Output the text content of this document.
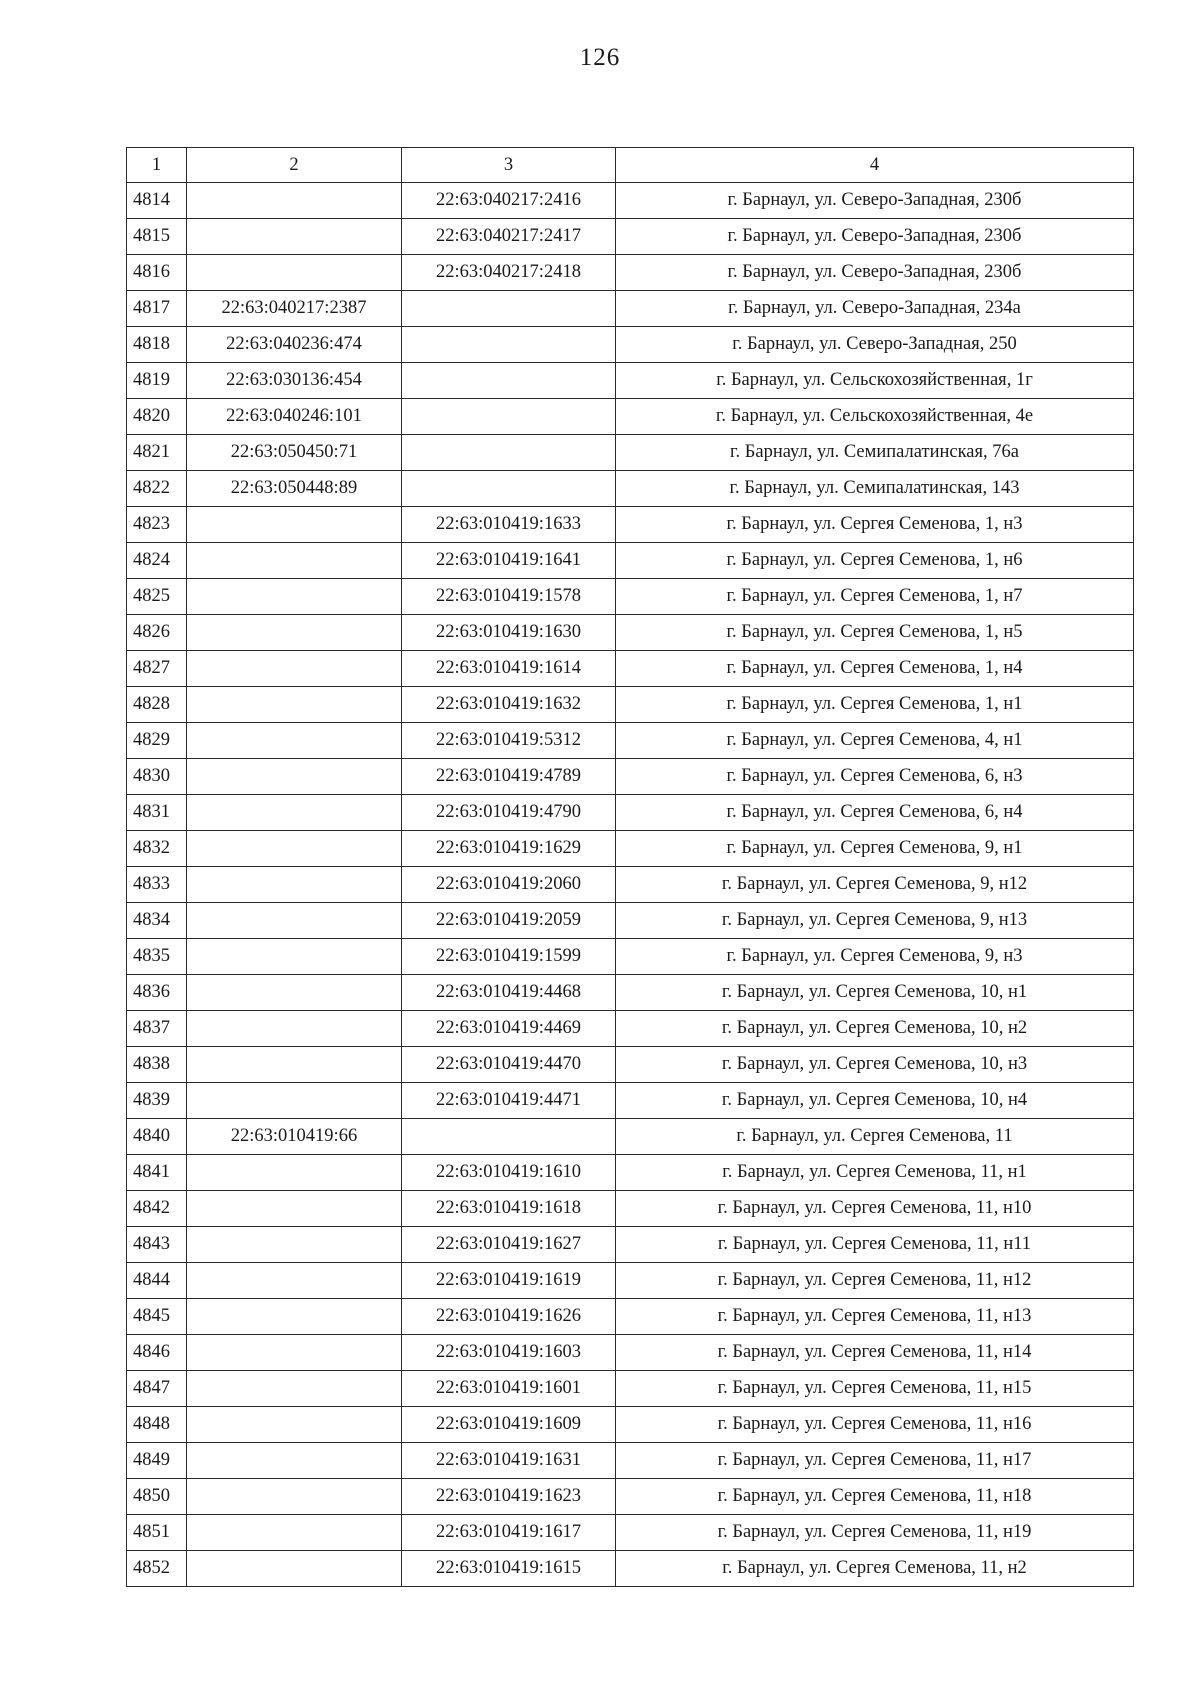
126
1	2	3	4
4814		22:63:040217:2416	г. Барнаул, ул. Северо-Западная, 230б
4815		22:63:040217:2417	г. Барнаул, ул. Северо-Западная, 230б
4816		22:63:040217:2418	г. Барнаул, ул. Северо-Западная, 230б
4817	22:63:040217:2387		г. Барнаул, ул. Северо-Западная, 234а
4818	22:63:040236:474		г. Барнаул, ул. Северо-Западная, 250
4819	22:63:030136:454		г. Барнаул, ул. Сельскохозяйственная, 1г
4820	22:63:040246:101		г. Барнаул, ул. Сельскохозяйственная, 4е
4821	22:63:050450:71		г. Барнаул, ул. Семипалатинская, 76а
4822	22:63:050448:89		г. Барнаул, ул. Семипалатинская, 143
4823		22:63:010419:1633	г. Барнаул, ул. Сергея Семенова, 1, н3
4824		22:63:010419:1641	г. Барнаул, ул. Сергея Семенова, 1, н6
4825		22:63:010419:1578	г. Барнаул, ул. Сергея Семенова, 1, н7
4826		22:63:010419:1630	г. Барнаул, ул. Сергея Семенова, 1, н5
4827		22:63:010419:1614	г. Барнаул, ул. Сергея Семенова, 1, н4
4828		22:63:010419:1632	г. Барнаул, ул. Сергея Семенова, 1, н1
4829		22:63:010419:5312	г. Барнаул, ул. Сергея Семенова, 4, н1
4830		22:63:010419:4789	г. Барнаул, ул. Сергея Семенова, 6, н3
4831		22:63:010419:4790	г. Барнаул, ул. Сергея Семенова, 6, н4
4832		22:63:010419:1629	г. Барнаул, ул. Сергея Семенова, 9, н1
4833		22:63:010419:2060	г. Барнаул, ул. Сергея Семенова, 9, н12
4834		22:63:010419:2059	г. Барнаул, ул. Сергея Семенова, 9, н13
4835		22:63:010419:1599	г. Барнаул, ул. Сергея Семенова, 9, н3
4836		22:63:010419:4468	г. Барнаул, ул. Сергея Семенова, 10, н1
4837		22:63:010419:4469	г. Барнаул, ул. Сергея Семенова, 10, н2
4838		22:63:010419:4470	г. Барнаул, ул. Сергея Семенова, 10, н3
4839		22:63:010419:4471	г. Барнаул, ул. Сергея Семенова, 10, н4
4840	22:63:010419:66		г. Барнаул, ул. Сергея Семенова, 11
4841		22:63:010419:1610	г. Барнаул, ул. Сергея Семенова, 11, н1
4842		22:63:010419:1618	г. Барнаул, ул. Сергея Семенова, 11, н10
4843		22:63:010419:1627	г. Барнаул, ул. Сергея Семенова, 11, н11
4844		22:63:010419:1619	г. Барнаул, ул. Сергея Семенова, 11, н12
4845		22:63:010419:1626	г. Барнаул, ул. Сергея Семенова, 11, н13
4846		22:63:010419:1603	г. Барнаул, ул. Сергея Семенова, 11, н14
4847		22:63:010419:1601	г. Барнаул, ул. Сергея Семенова, 11, н15
4848		22:63:010419:1609	г. Барнаул, ул. Сергея Семенова, 11, н16
4849		22:63:010419:1631	г. Барнаул, ул. Сергея Семенова, 11, н17
4850		22:63:010419:1623	г. Барнаул, ул. Сергея Семенова, 11, н18
4851		22:63:010419:1617	г. Барнаул, ул. Сергея Семенова, 11, н19
4852		22:63:010419:1615	г. Барнаул, ул. Сергея Семенова, 11, н2
